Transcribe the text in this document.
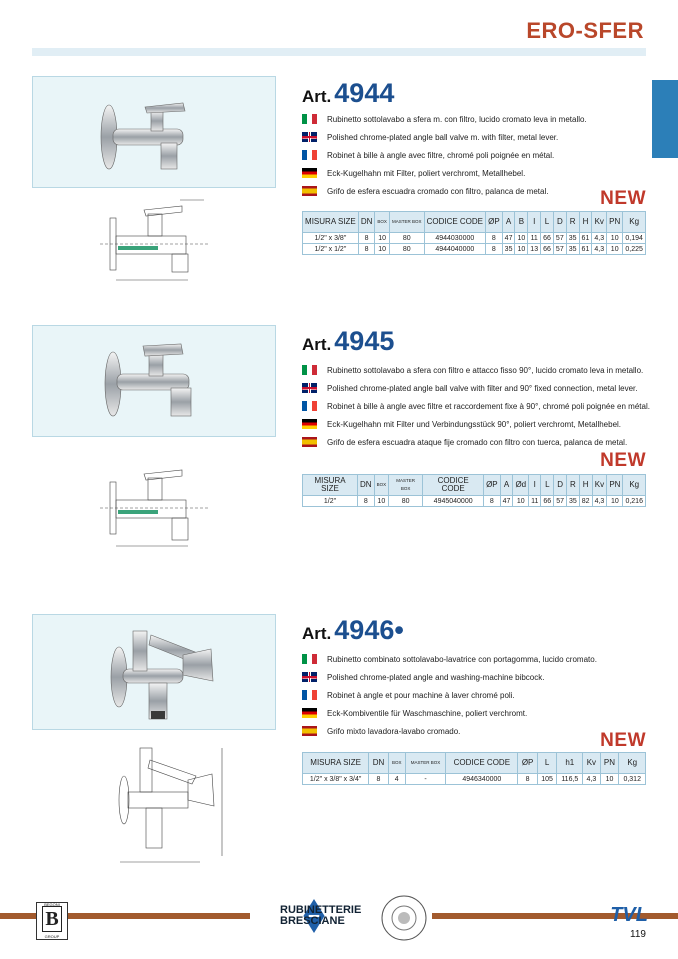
ERO-SFER
Art. 4944
Rubinetto sottolavabo a sfera m. con filtro, lucido cromato leva in metallo.
Polished chrome-plated angle ball valve m. with filter, metal lever.
Robinet à bille à angle avec filtre, chromé poli poignée en métal.
Eck-Kugelhahn mit Filter, poliert verchromt, Metallhebel.
Grifo de esfera escuadra cromado con filtro, palanca de metal.	NEW
MISURA SIZE	DN	BOX	MASTER BOX	CODICE CODE	ØP	A	B	I	L	D	R	H	Kv	PN	Kg
1/2" x 3/8"	8	10	80	4944030000	8	47	10	11	66	57	35	61	4,3	10	0,194
1/2" x 1/2"	8	10	80	4944040000	8	35	10	13	66	57	35	61	4,3	10	0,225
Art. 4945
Rubinetto sottolavabo a sfera con filtro e attacco fisso 90°, lucido cromato leva in metallo.
Polished chrome-plated angle ball valve with filter and 90° fixed connection, metal lever.
Robinet à bille à angle avec filtre et raccordement fixe à 90°, chromé poli poignée en métal.
Eck-Kugelhahn mit Filter und Verbindungsstück 90°, poliert verchromt, Metallhebel.
Grifo de esfera escuadra ataque fije cromado con filtro con tuerca, palanca de metal.
NEW
MISURA SIZE	DN	BOX	MASTER BOX	CODICE CODE	ØP	A	Ød	I	L	D	R	H	Kv	PN	Kg
1/2"	8	10	80	4945040000	8	47	10	11	66	57	35	82	4,3	10	0,216
Art. 4946•
Rubinetto combinato sottolavabo-lavatrice con portagomma, lucido cromato.
Polished chrome-plated angle and washing-machine bibcock.
Robinet à angle et pour machine à laver chromé poli.
Eck-Kombiventile für Waschmaschine, poliert verchromt.
Grifo mixto lavadora-lavabo cromado.	NEW
MISURA SIZE	DN	BOX	MASTER BOX	CODICE CODE	ØP	L	h1	Kv	PN	Kg
1/2" x 3/8" x 3/4"	8	4	-	4946340000	8	105	116,5	4,3	10	0,312
BEGONI
B
GROUP
RUBINETTERIE
BRESCIANE	TVL
119
